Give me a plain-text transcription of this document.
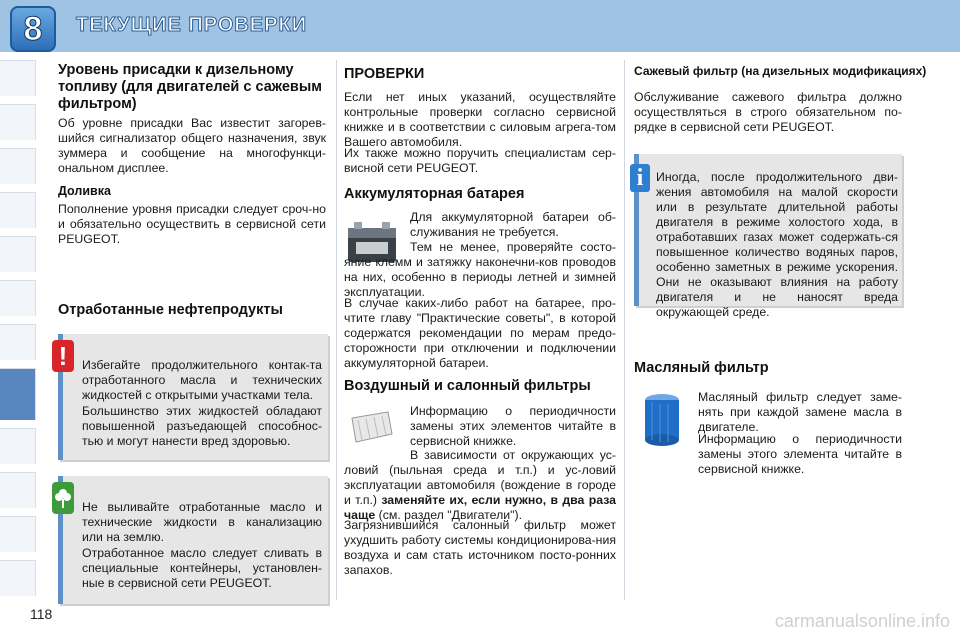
8	ТЕКУЩИЕ ПРОВЕРКИ
Уровень присадки к дизельному топливу (для двигателей с сажевым фильтром)
Об уровне присадки Вас известит загорев-шийся сигнализатор общего назначения, звук зуммера и сообщение на многофункци-ональном дисплее.
Доливка
Пополнение уровня присадки следует сроч-но и обязательно осуществить в сервисной сети PEUGEOT.
Отработанные нефтепродукты
!	Избегайте продолжительного контак-та отработанного масла и технических жидкостей с открытыми участками тела.
Большинство этих жидкостей обладают повышенной разъедающей способнос-тью и могут нанести вред здоровью.
Не выливайте отработанные масло и технические жидкости в канализацию или на землю.
Отработанное масло следует сливать в специальные контейнеры, установлен-ные в сервисной сети PEUGEOT.
ПРОВЕРКИ
Если нет иных указаний, осуществляйте контрольные проверки согласно сервисной книжке и в соответствии с силовым агрега-том Вашего автомобиля.
Их также можно поручить специалистам сер-висной сети PEUGEOT.
Аккумуляторная батарея
Для аккумуляторной батареи об-служивания не требуется.
Тем не менее, проверяйте состо-яние клемм и затяжку наконечни-ков проводов на них, особенно в периоды летней и зимней эксплуатации.
В случае каких-либо работ на батарее, про-чтите главу "Практические советы", в которой содержатся рекомендации по мерам предо-сторожности при отключении и подключении аккумуляторной батареи.
Воздушный и салонный фильтры
Информацию о периодичности замены этих элементов читайте в сервисной книжке.
В зависимости от окружающих ус-ловий (пыльная среда и т.п.) и ус-ловий эксплуатации автомобиля (вождение в городе и т.п.) заменяйте их, если нужно, в два раза чаще (см. раздел "Двигатели").
Загрязнившийся салонный фильтр может ухудшить работу системы кондиционирова-ния воздуха и сам стать источником посто-ронних запахов.
Сажевый фильтр (на дизельных модификациях)
Обслуживание сажевого фильтра должно осуществляться в строго обязательном по-рядке в сервисной сети PEUGEOT.
i	Иногда, после продолжительного дви-жения автомобиля на малой скорости или в результате длительной работы двигателя в режиме холостого хода, в отработавших газах может содержать-ся повышенное количество водяных паров, особенно заметных в режиме ускорения. Они не оказывают влияния на работу двигателя и не наносят вреда окружающей среде.
Масляный фильтр
Масляный фильтр следует заме-нять при каждой замене масла в двигателе.
Информацию о периодичности замены этого элемента читайте в сервисной книжке.
118	carmanualsonline.info
